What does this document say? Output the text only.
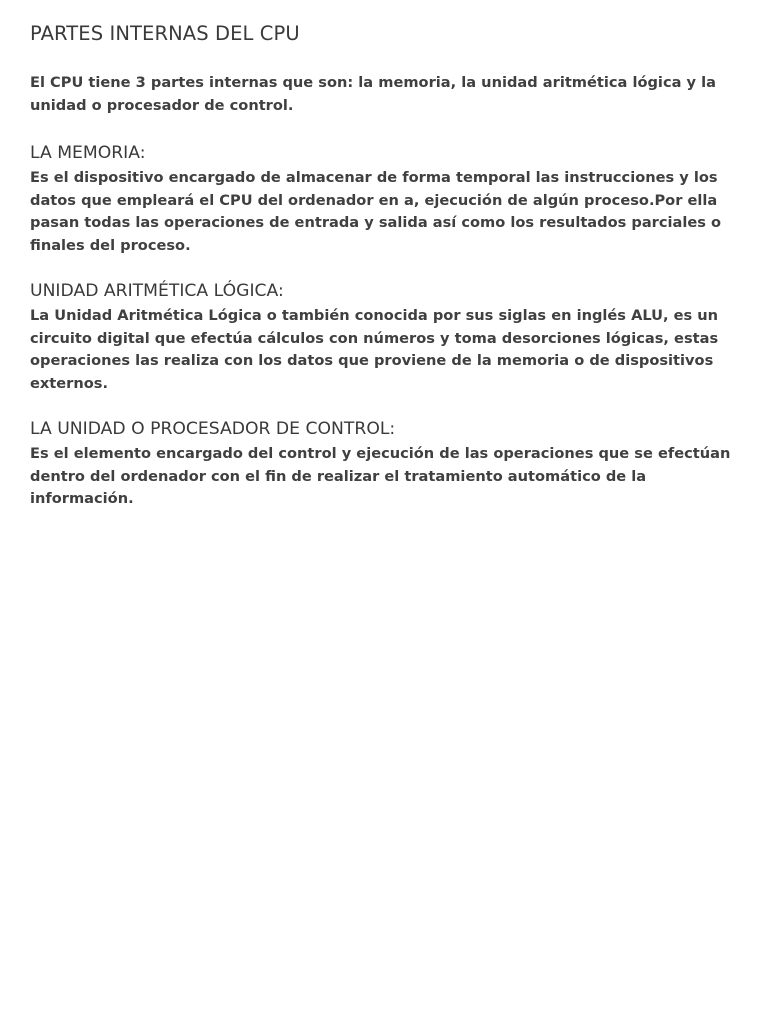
PARTES INTERNAS DEL CPU

El CPU tiene 3 partes internas que son: la memoria, la unidad aritmética lógica y la unidad o procesador de control.

LA MEMORIA:

Es el dispositivo encargado de almacenar de forma temporal las instrucciones y los datos que empleará el CPU del ordenador en a, ejecución de algún proceso.Por ella pasan todas las operaciones de entrada y salida así como los resultados parciales o finales del proceso.

UNIDAD ARITMÉTICA LÓGICA:

La Unidad Aritmética Lógica o también conocida por sus siglas en inglés ALU, es un circuito digital que efectúa cálculos con números y toma desorciones lógicas, estas operaciones las realiza con los datos que proviene de la memoria o de dispositivos externos.

LA UNIDAD O PROCESADOR DE CONTROL:

Es el elemento encargado del control y ejecución de las operaciones que se efectúan dentro del ordenador con el fin de realizar el tratamiento automático de la información.
